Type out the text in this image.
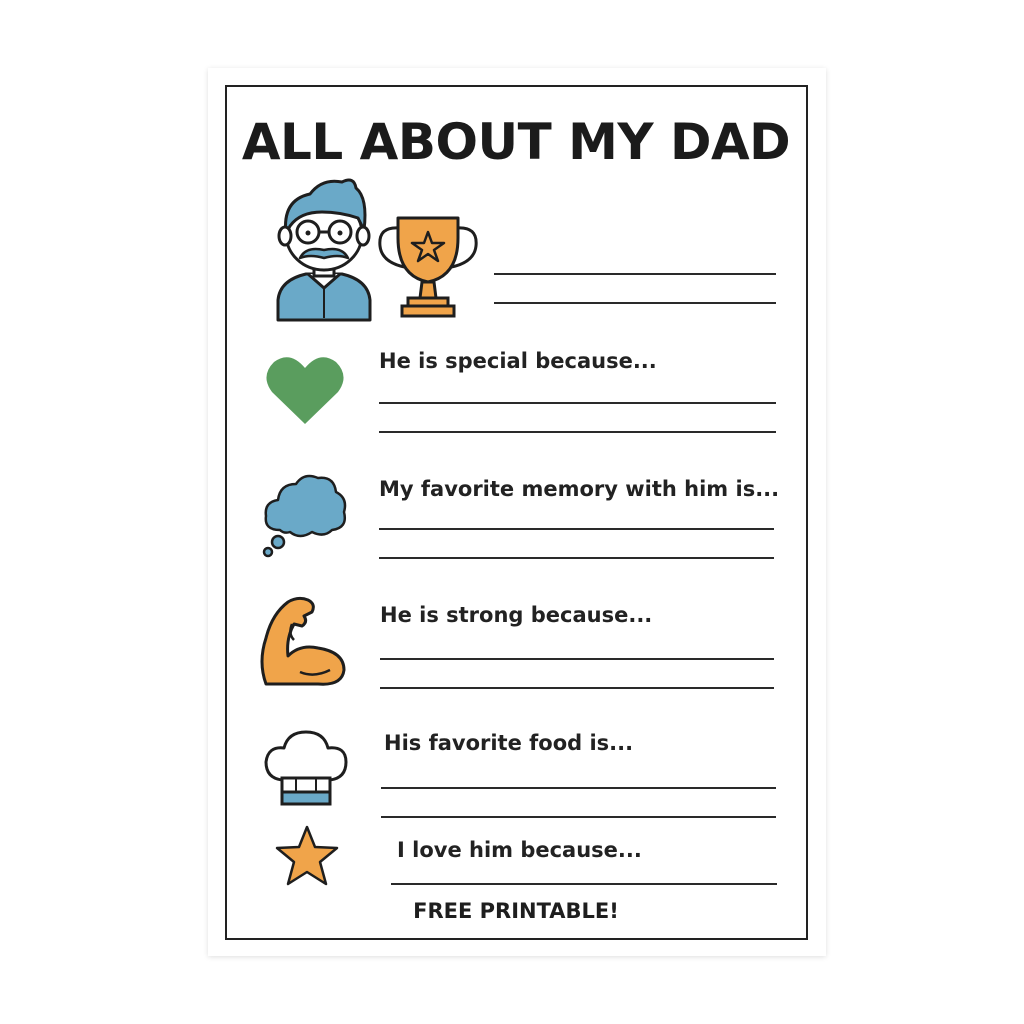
ALL ABOUT MY DAD
He is special because...
My favorite memory with him is...
He is strong because...
His favorite food is...
I love him because...
FREE PRINTABLE!
